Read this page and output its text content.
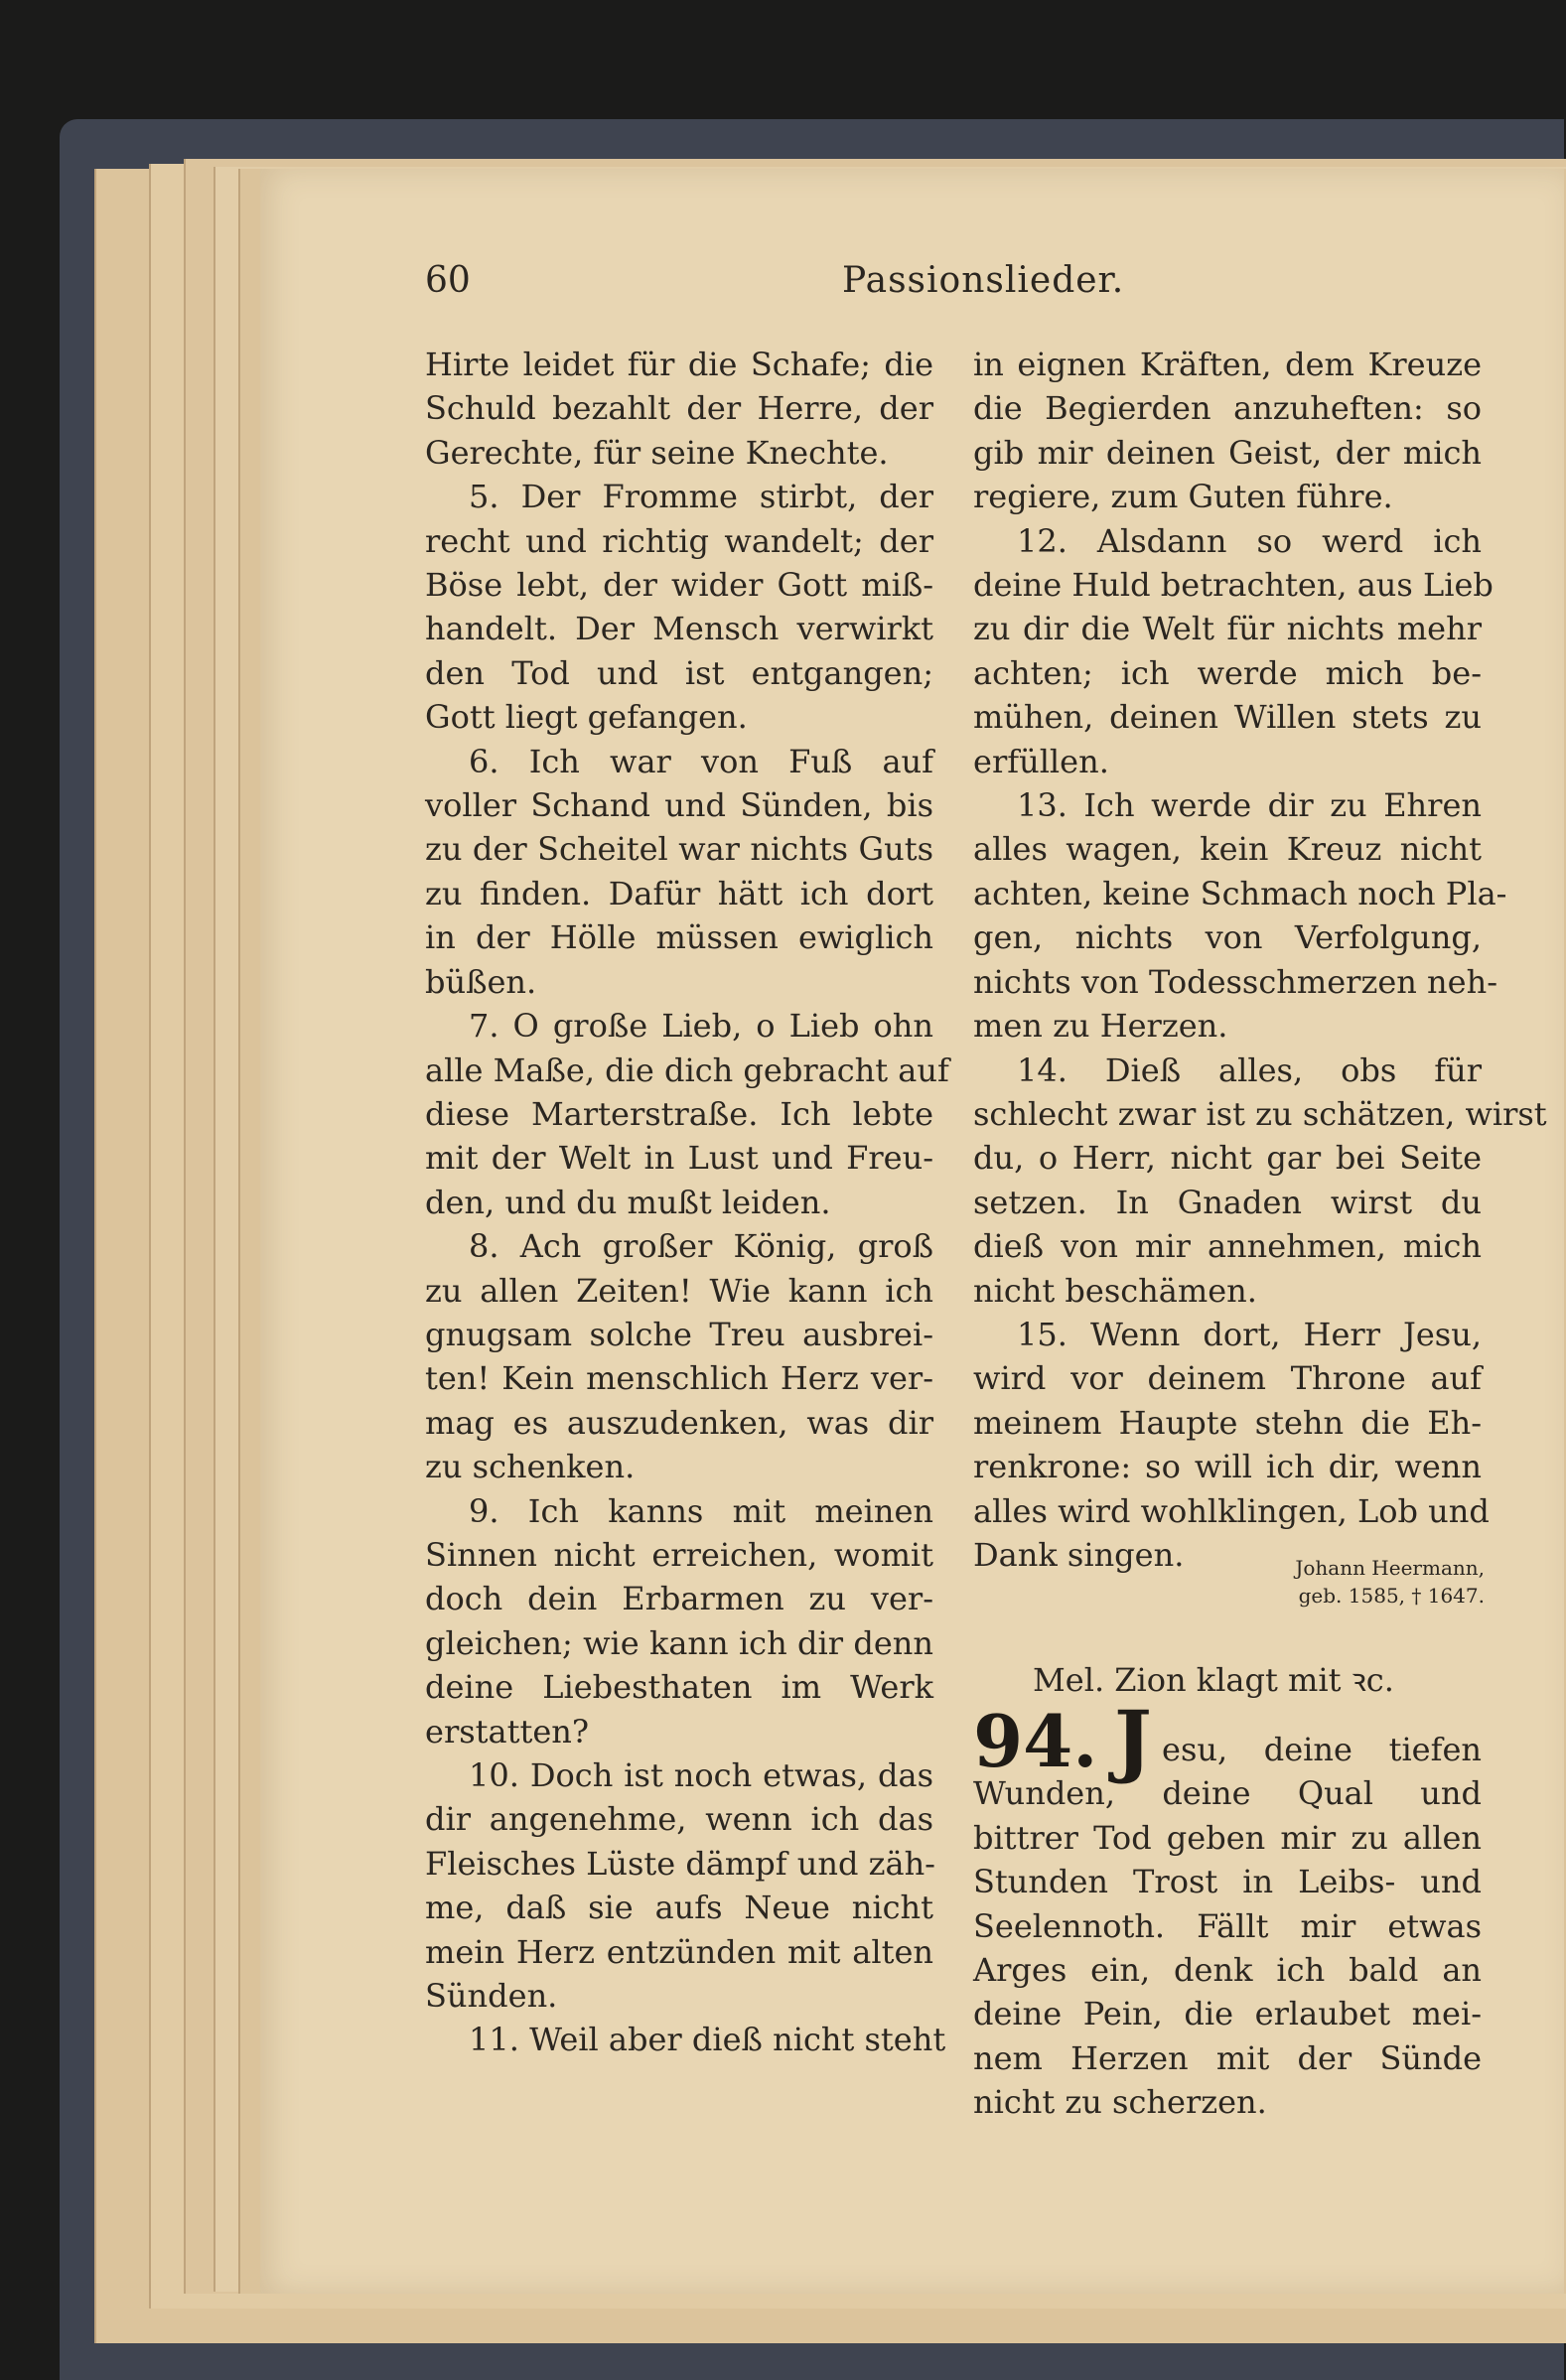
60	Passionslieder.
Hirte leidet für die Schafe; die
Schuld bezahlt der Herre, der
Gerechte, für seine Knechte.
5. Der Fromme stirbt, der
recht und richtig wandelt; der
Böse lebt, der wider Gott miß-
handelt. Der Mensch verwirkt
den Tod und ist entgangen;
Gott liegt gefangen.
6. Ich war von Fuß auf
voller Schand und Sünden, bis
zu der Scheitel war nichts Guts
zu finden. Dafür hätt ich dort
in der Hölle müssen ewiglich
büßen.
7. O große Lieb, o Lieb ohn
alle Maße, die dich gebracht auf
diese Marterstraße. Ich lebte
mit der Welt in Lust und Freu-
den, und du mußt leiden.
8. Ach großer König, groß
zu allen Zeiten! Wie kann ich
gnugsam solche Treu ausbrei-
ten! Kein menschlich Herz ver-
mag es auszudenken, was dir
zu schenken.
9. Ich kanns mit meinen
Sinnen nicht erreichen, womit
doch dein Erbarmen zu ver-
gleichen; wie kann ich dir denn
deine Liebesthaten im Werk
erstatten?
10. Doch ist noch etwas, das
dir angenehme, wenn ich das
Fleisches Lüste dämpf und zäh-
me, daß sie aufs Neue nicht
mein Herz entzünden mit alten
Sünden.
11. Weil aber dieß nicht steht
in eignen Kräften, dem Kreuze
die Begierden anzuheften: so
gib mir deinen Geist, der mich
regiere, zum Guten führe.
12. Alsdann so werd ich
deine Huld betrachten, aus Lieb
zu dir die Welt für nichts mehr
achten; ich werde mich be-
mühen, deinen Willen stets zu
erfüllen.
13. Ich werde dir zu Ehren
alles wagen, kein Kreuz nicht
achten, keine Schmach noch Pla-
gen, nichts von Verfolgung,
nichts von Todesschmerzen neh-
men zu Herzen.
14. Dieß alles, obs für
schlecht zwar ist zu schätzen, wirst
du, o Herr, nicht gar bei Seite
setzen. In Gnaden wirst du
dieß von mir annehmen, mich
nicht beschämen.
15. Wenn dort, Herr Jesu,
wird vor deinem Throne auf
meinem Haupte stehn die Eh-
renkrone: so will ich dir, wenn
alles wird wohlklingen, Lob und
Dank singen.	Johann Heermann,
geb. 1585, † 1647.
Mel. Zion klagt mit ꝛc.
94. J esu, deine tiefen
Wunden, deine Qual und
bittrer Tod geben mir zu allen
Stunden Trost in Leibs- und
Seelennoth. Fällt mir etwas
Arges ein, denk ich bald an
deine Pein, die erlaubet mei-
nem Herzen mit der Sünde
nicht zu scherzen.
